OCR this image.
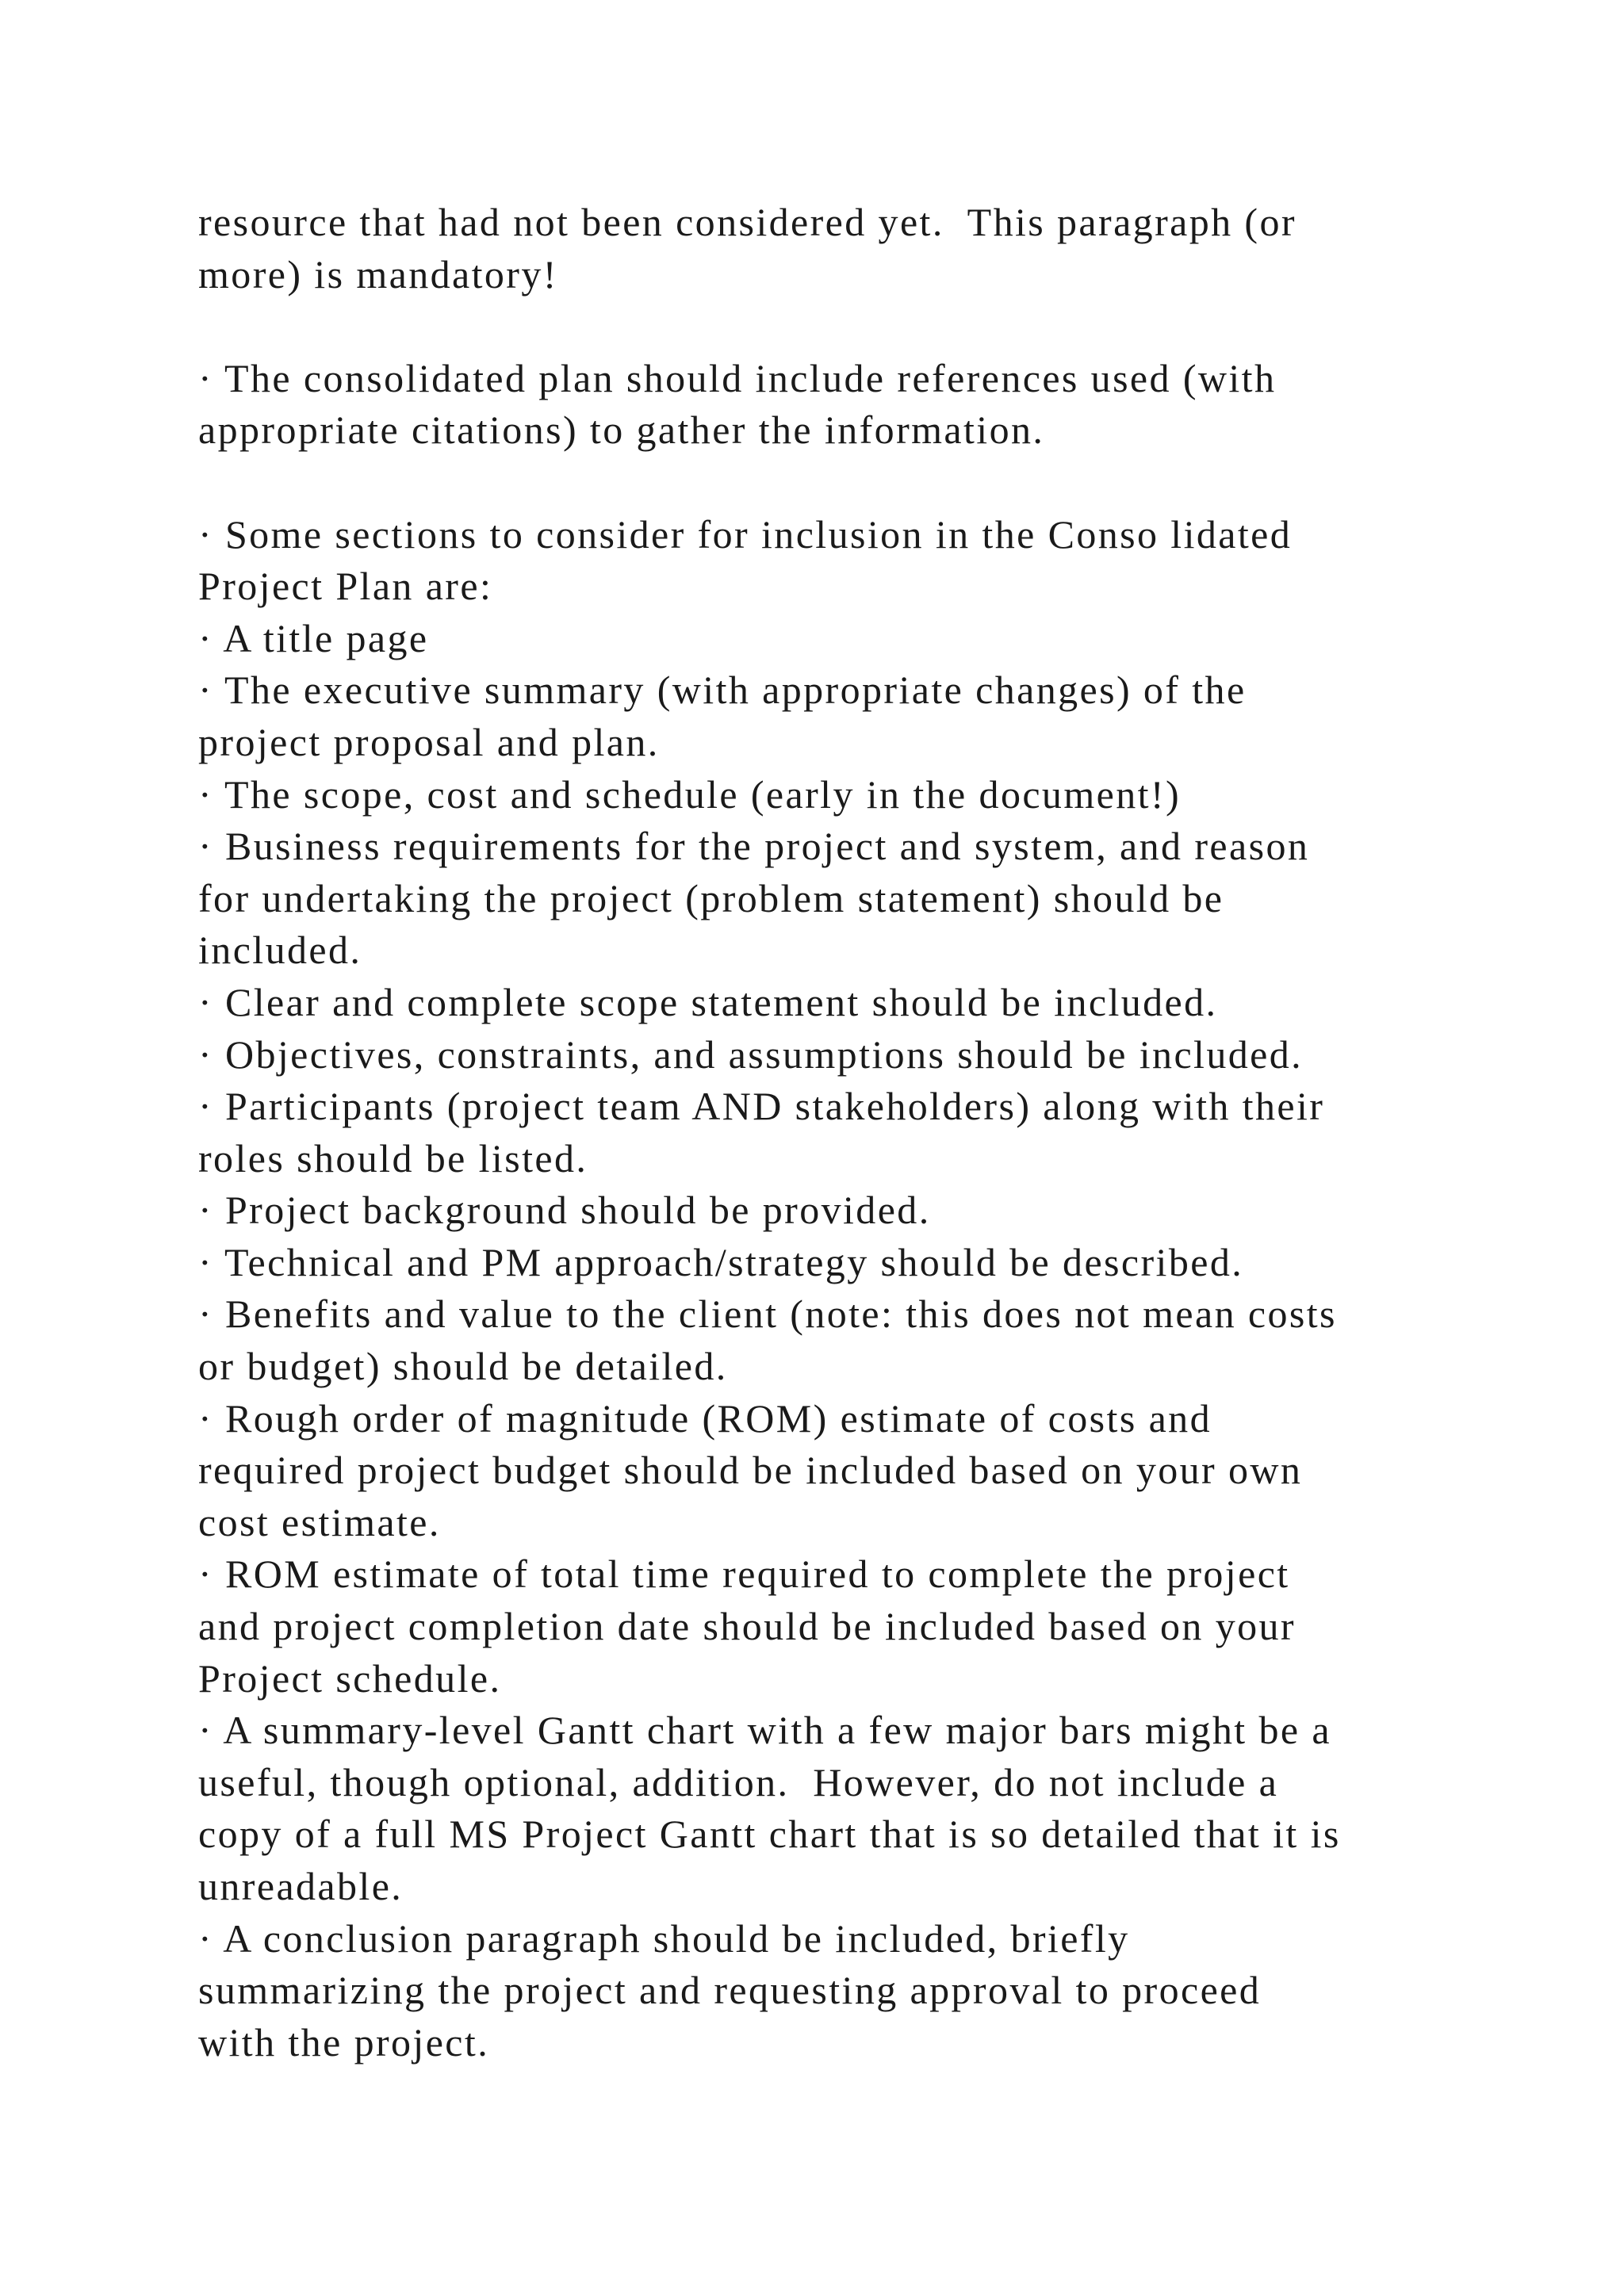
resource that had not been considered yet.  This paragraph (or
more) is mandatory!
· The consolidated plan should include references used (with
appropriate citations) to gather the information.
· Some sections to consider for inclusion in the Conso lidated
Project Plan are:
· A title page
· The executive summary (with appropriate changes) of the
project proposal and plan.
· The scope, cost and schedule (early in the document!)
· Business requirements for the project and system, and reason
for undertaking the project (problem statement) should be
included.
· Clear and complete scope statement should be included.
· Objectives, constraints, and assumptions should be included.
· Participants (project team AND stakeholders) along with their
roles should be listed.
· Project background should be provided.
· Technical and PM approach/strategy should be described.
· Benefits and value to the client (note: this does not mean costs
or budget) should be detailed.
· Rough order of magnitude (ROM) estimate of costs and
required project budget should be included based on your own
cost estimate.
· ROM estimate of total time required to complete the project
and project completion date should be included based on your
Project schedule.
· A summary-level Gantt chart with a few major bars might be a
useful, though optional, addition.  However, do not include a
copy of a full MS Project Gantt chart that is so detailed that it is
unreadable.
· A conclusion paragraph should be included, briefly
summarizing the project and requesting approval to proceed
with the project.
